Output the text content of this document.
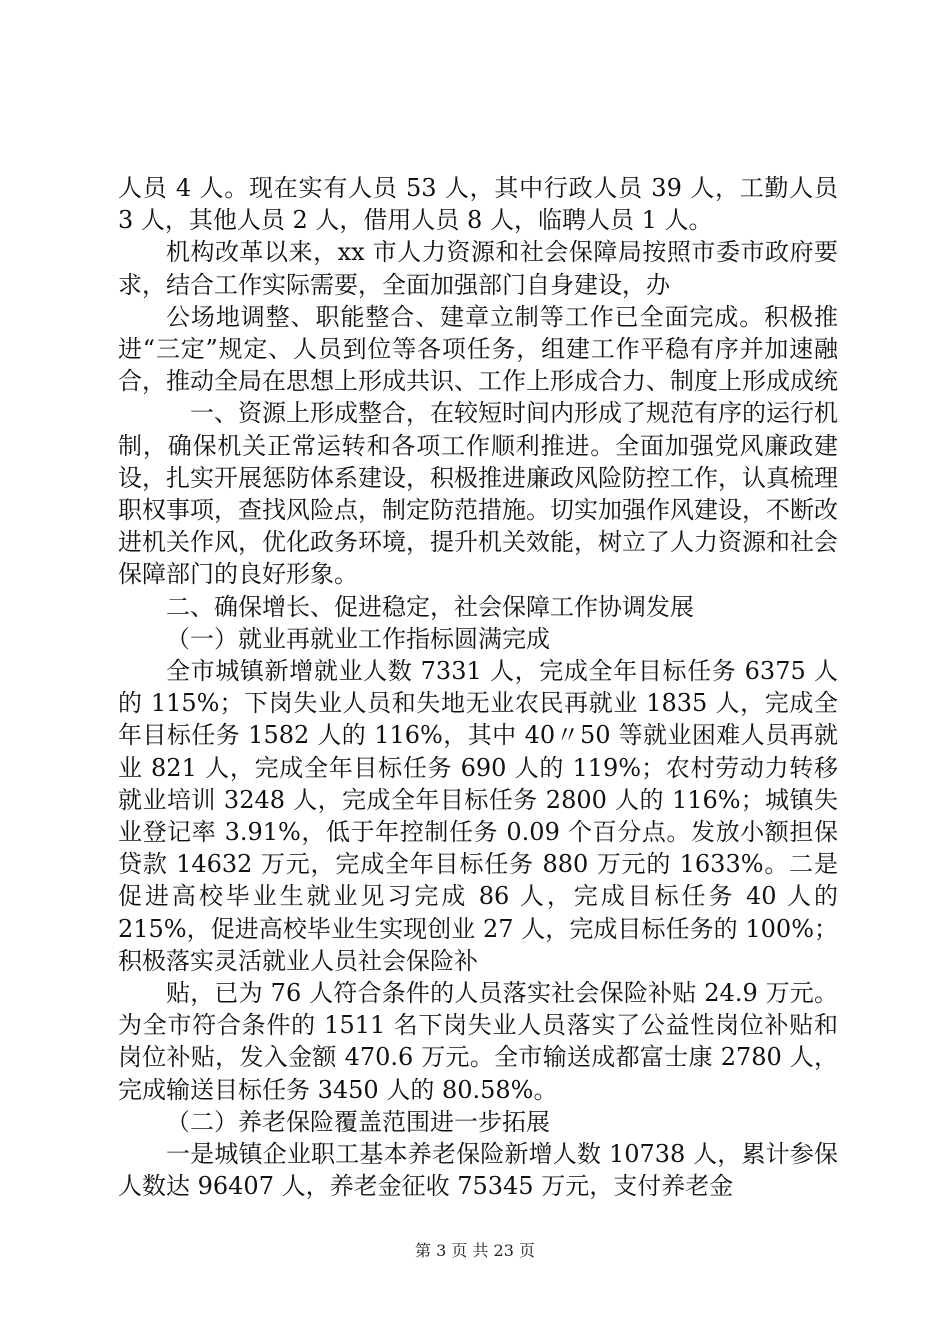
人员 4 人。现在实有人员 53 人，其中行政人员 39 人，工勤人员 3 人，其他人员 2 人，借用人员 8 人，临聘人员 1 人。

机构改革以来，xx 市人力资源和社会保障局按照市委市政府要求，结合工作实际需要，全面加强部门自身建设，办

公场地调整、职能整合、建章立制等工作已全面完成。积极推进“三定”规定、人员到位等各项任务，组建工作平稳有序并加速融合，推动全局在思想上形成共识、工作上形成合力、制度上形成成统

一、资源上形成整合，在较短时间内形成了规范有序的运行机制，确保机关正常运转和各项工作顺利推进。全面加强党风廉政建设，扎实开展惩防体系建设，积极推进廉政风险防控工作，认真梳理职权事项，查找风险点，制定防范措施。切实加强作风建设，不断改进机关作风，优化政务环境，提升机关效能，树立了人力资源和社会保障部门的良好形象。

二、确保增长、促进稳定，社会保障工作协调发展

（一）就业再就业工作指标圆满完成

全市城镇新增就业人数 7331 人，完成全年目标任务 6375 人的 115%；下岗失业人员和失地无业农民再就业 1835 人，完成全年目标任务 1582 人的 116%，其中 40〃50 等就业困难人员再就业 821 人，完成全年目标任务 690 人的 119%；农村劳动力转移就业培训 3248 人，完成全年目标任务 2800 人的 116%；城镇失业登记率 3.91%，低于年控制任务 0.09 个百分点。发放小额担保贷款 14632 万元，完成全年目标任务 880 万元的 1633%。二是促进高校毕业生就业见习完成 86 人，完成目标任务 40 人的 215%，促进高校毕业生实现创业 27 人，完成目标任务的 100%；积极落实灵活就业人员社会保险补

贴，已为 76 人符合条件的人员落实社会保险补贴 24.9 万元。为全市符合条件的 1511 名下岗失业人员落实了公益性岗位补贴和岗位补贴，发入金额 470.6 万元。全市输送成都富士康 2780 人，完成输送目标任务 3450 人的 80.58%。

（二）养老保险覆盖范围进一步拓展

一是城镇企业职工基本养老保险新增人数 10738 人，累计参保人数达 96407 人，养老金征收 75345 万元，支付养老金

第 3 页 共 23 页
